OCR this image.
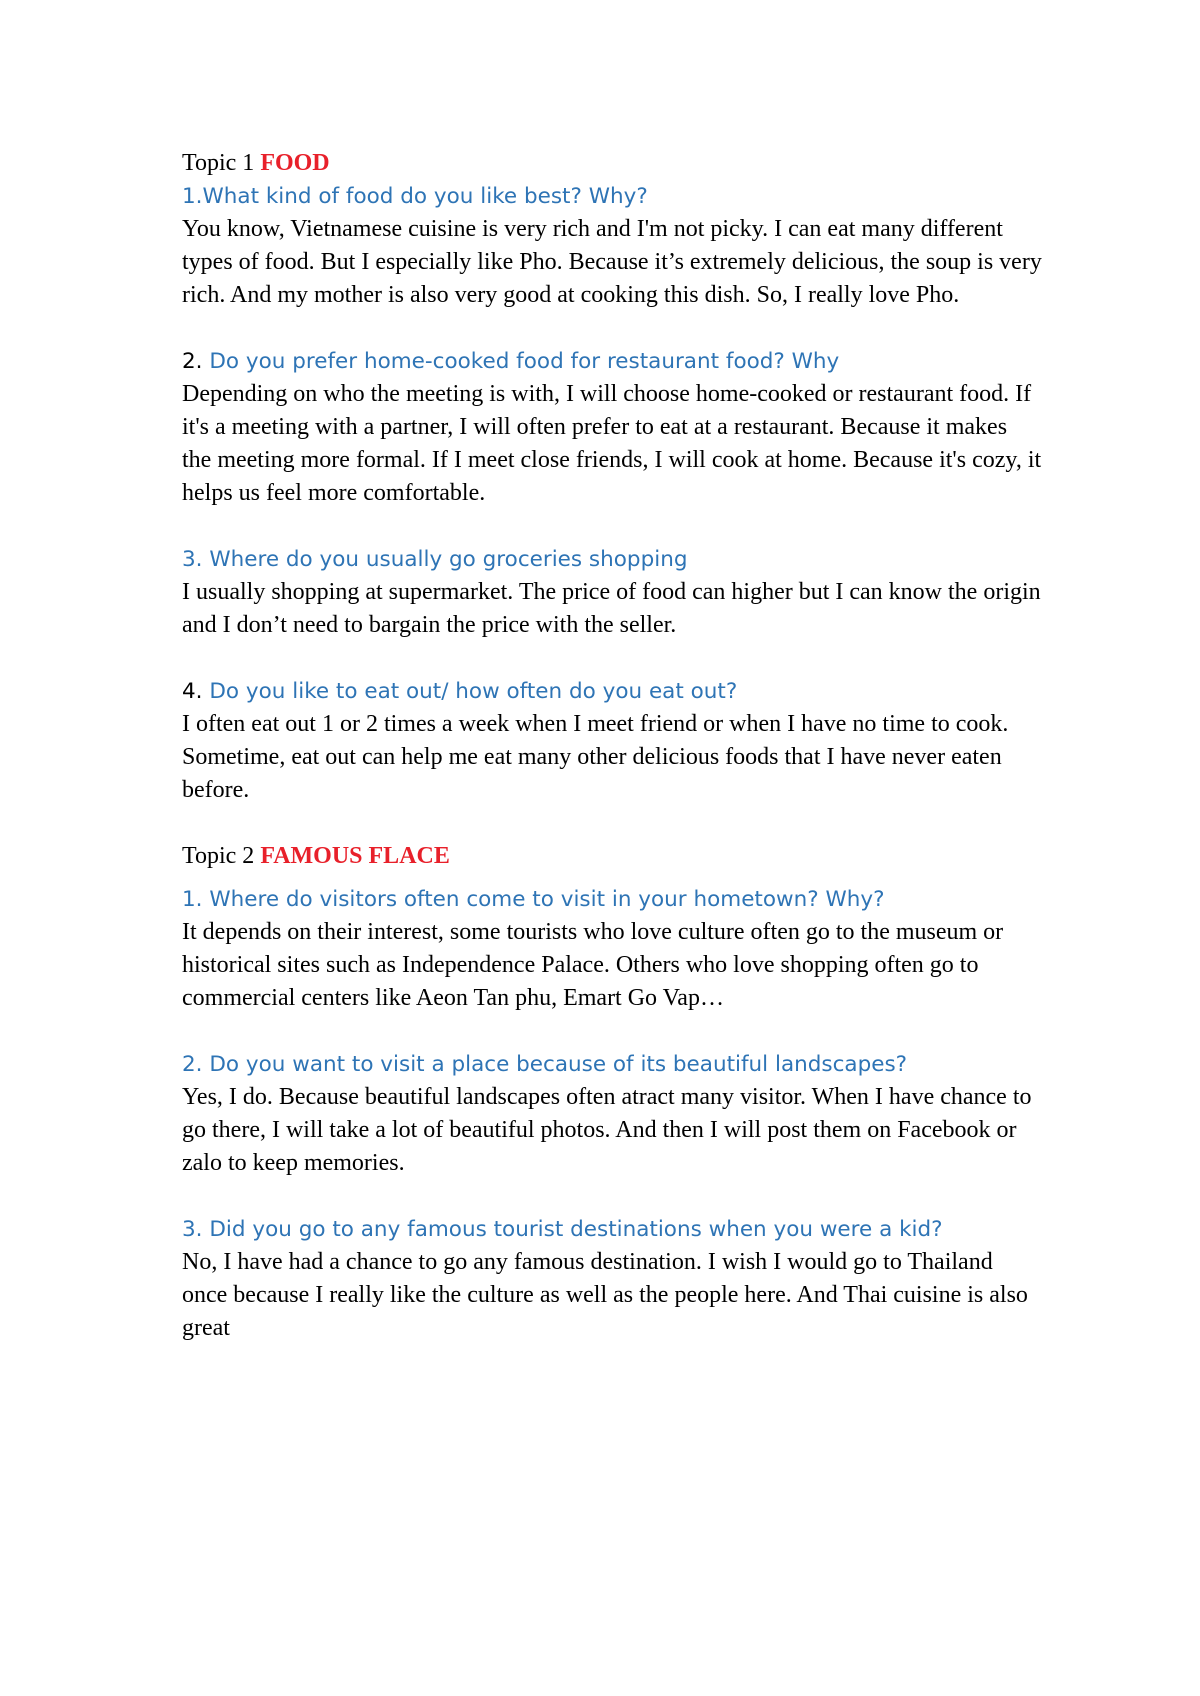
Topic 1 FOOD

1.What kind of food do you like best? Why?

You know, Vietnamese cuisine is very rich and I'm not picky. I can eat many different types of food. But I especially like Pho. Because it’s extremely delicious, the soup is very rich. And my mother is also very good at cooking this dish. So, I really love Pho.

2. Do you prefer home-cooked food for restaurant food? Why

Depending on who the meeting is with, I will choose home-cooked or restaurant food. If it's a meeting with a partner, I will often prefer to eat at a restaurant. Because it makes the meeting more formal. If I meet close friends, I will cook at home. Because it's cozy, it helps us feel more comfortable.

3. Where do you usually go groceries shopping

I usually shopping at supermarket. The price of food can higher but I can know the origin and I don’t need to bargain the price with the seller.

4. Do you like to eat out/ how often do you eat out?

I often eat out 1 or 2 times a week when I meet friend or when I have no time to cook. Sometime, eat out can help me eat many other delicious foods that I have never eaten before.

Topic 2 FAMOUS FLACE

1. Where do visitors often come to visit in your hometown? Why?

It depends on their interest, some tourists who love culture often go to the museum or historical sites such as Independence Palace. Others who love shopping often go to commercial centers like Aeon Tan phu, Emart Go Vap…

2. Do you want to visit a place because of its beautiful landscapes?

Yes, I do. Because beautiful landscapes often atract many visitor. When I have chance to go there, I will take a lot of beautiful photos. And then I will post them on Facebook or zalo to keep memories.

3. Did you go to any famous tourist destinations when you were a kid?

No, I have had a chance to go any famous destination. I wish I would go to Thailand once because I really like the culture as well as the people here. And Thai cuisine is also great
